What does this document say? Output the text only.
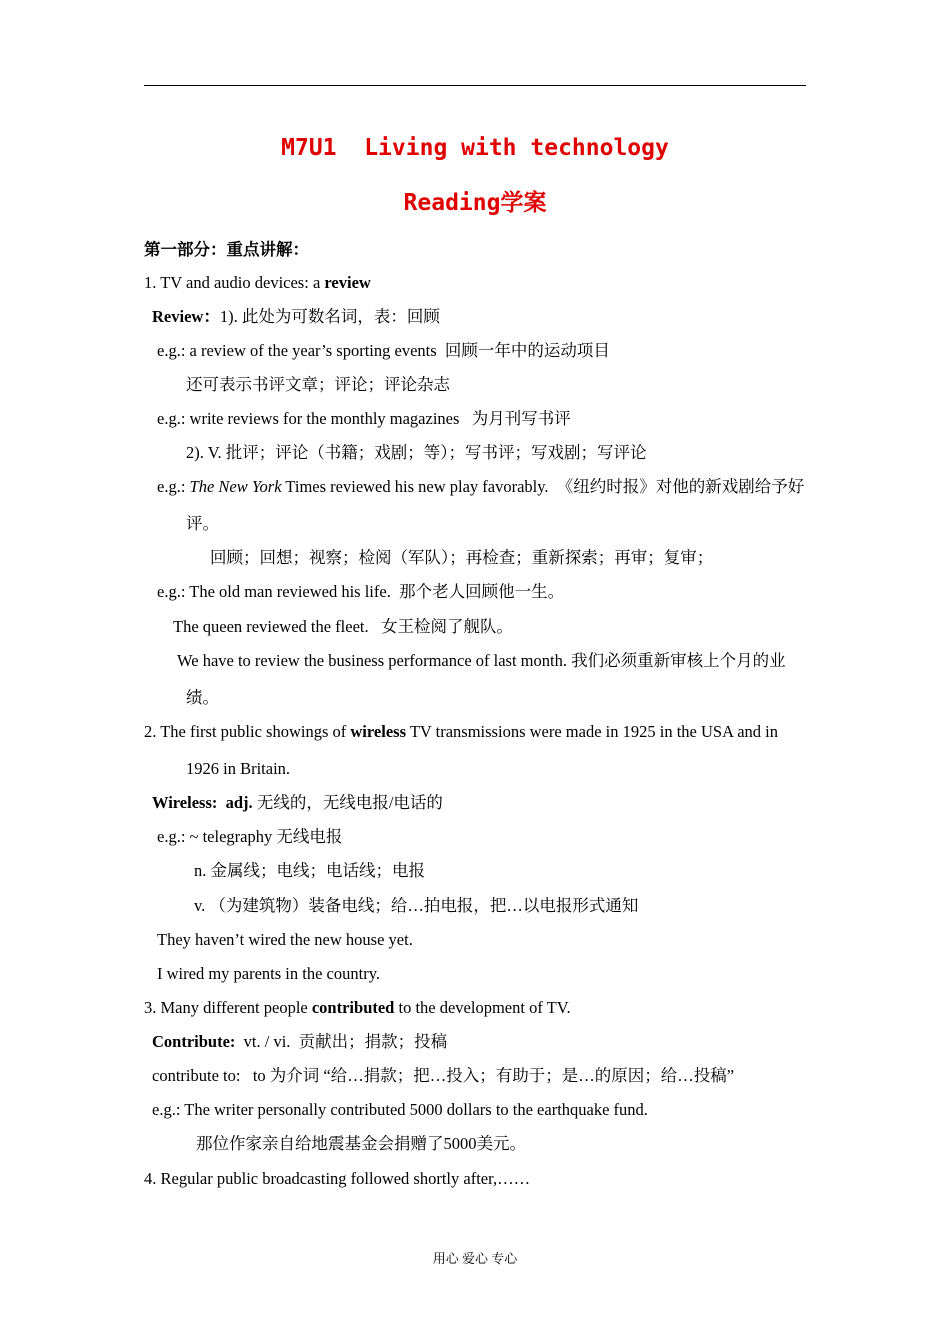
M7U1  Living with technology
Reading学案
第一部分：重点讲解：
1. TV and audio devices: a review
Review：1). 此处为可数名词，表：回顾
e.g.: a review of the year’s sporting events  回顾一年中的运动项目
还可表示书评文章；评论；评论杂志
e.g.: write reviews for the monthly magazines   为月刊写书评
2). V. 批评；评论（书籍；戏剧；等）；写书评；写戏剧；写评论
e.g.: The New York Times reviewed his new play favorably.  《纽约时报》对他的新戏剧给予好
评。
回顾；回想；视察；检阅（军队）；再检查；重新探索；再审；复审；
e.g.: The old man reviewed his life.  那个老人回顾他一生。
The queen reviewed the fleet.   女王检阅了舰队。
We have to review the business performance of last month. 我们必须重新审核上个月的业
绩。
2. The first public showings of wireless TV transmissions were made in 1925 in the USA and in
1926 in Britain.
Wireless:  adj. 无线的，无线电报/电话的
e.g.: ~ telegraphy 无线电报
n. 金属线；电线；电话线；电报
v. （为建筑物）装备电线；给…拍电报，把…以电报形式通知
They haven’t wired the new house yet.
I wired my parents in the country.
3. Many different people contributed to the development of TV.
Contribute:  vt. / vi.  贡献出；捐款；投稿
contribute to:   to 为介词 “给…捐款；把…投入；有助于；是…的原因；给…投稿”
e.g.: The writer personally contributed 5000 dollars to the earthquake fund.
那位作家亲自给地震基金会捐赠了5000美元。
4. Regular public broadcasting followed shortly after,……
用心 爱心 专心
